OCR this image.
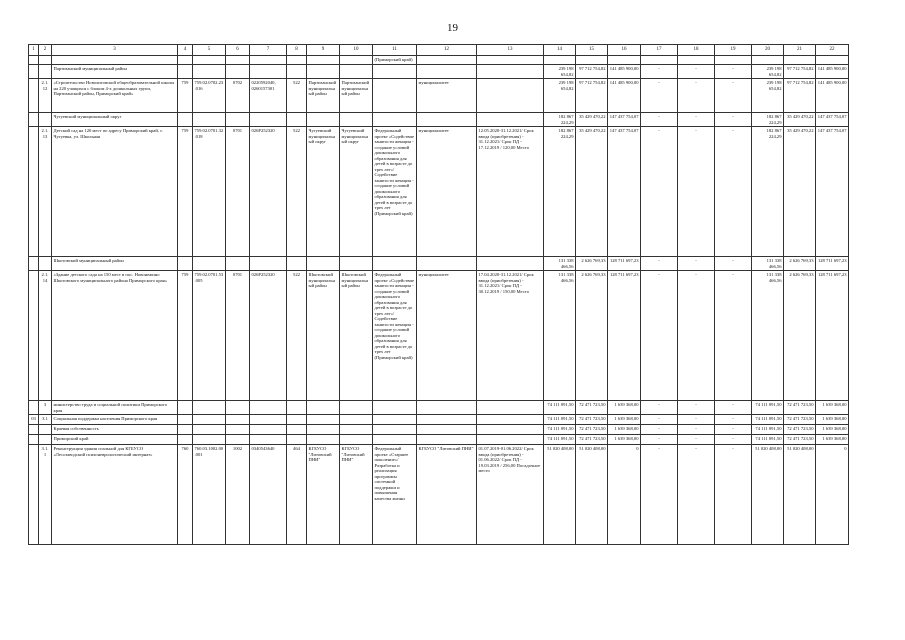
19
1	2	3	4	5	6	7	8	9	10	11	12	13	14	15	16	17	18	19	20	21	22
										(Приморский край)											
		Партизанский муниципальный район											239 198 654,82	97 712 754,82	141 485 900,00	-	-	-	239 198 654,82	97 712 754,82	141 485 900,00
	2.1.12	«Строительство Новолитовской общеобразовательной школы на 220 учащихся с блоком 4-х дошкольных групп, Партизанский район, Приморский край»	759	759.02.0702.23.016	0702	0220592040, 0260157301	522	Партизанский муниципальный район	Партизанский муниципальный район		муниципалитет		239 198 654,82	97 712 754,82	141 485 900,00	-	-	-	239 198 654,82	97 712 754,82	141 485 900,00
		Чугуевский муниципальный округ											182 867 224,29	35 429 470,22	147 437 754,07	-	-	-	182 867 224,29	35 429 470,22	147 437 754,07
	2.1.13	Детский сад на 120 мест по адресу Приморский край, с. Чугуевка, ул. Школьная	759	759.02.0701.32.018	0701	026P252320	522	Чугуевский муниципальный округ	Чугуевский муниципальный округ	Федеральный проект «Содействие занятости женщин - создание условий дошкольного образования для детей в возрасте до трех лет»/Содействие занятости женщин - создание условий дошкольного образования для детей в возрасте до трех лет (Приморский край)	муниципалитет	12.05.2020-31.12.2021/ Срок ввода (приобретения) - 31.12.2021/ Срок ПД - 17.12.2019 / 120,00 Место	182 867 224,29	35 429 470,22	147 437 754,07	-	-	-	182 867 224,29	35 429 470,22	147 437 754,07
		Шкотовский муниципальный район											131 338 466,56	2 626 769,33	128 711 697,23	-	-	-	131 338 466,56	2 626 769,33	128 711 697,23
	2.1.14	«Здание детского сада на 150 мест в пос. Новонежино Шкотовского муниципального района Приморского края»	759	759.02.0701.53.005	0701	026P252320	522	Шкотовский муниципальный район	Шкотовский муниципальный район	Федеральный проект «Содействие занятости женщин - создание условий дошкольного образования для детей в возрасте до трех лет»/Содействие занятости женщин - создание условий дошкольного образования для детей в возрасте до трех лет (Приморский край)	муниципалитет	17.04.2020-31.12.2021/ Срок ввода (приобретения) - 31.12.2021/ Срок ПД - 30.12.2019 / 150,00 Место	131 338 466,56	2 626 769,33	128 711 697,23	-	-	-	131 338 466,56	2 626 769,33	128 711 697,23
	3	министерство труда и социальной политики Приморского края											74 111 091,50	72 471 723,50	1 639 368,00	-	-	-	74 111 091,50	72 471 723,50	1 639 368,00
03	3.1	Социальная поддержка населения Приморского края											74 111 091,50	72 471 723,50	1 639 368,00	-	-	-	74 111 091,50	72 471 723,50	1 639 368,00
		Краевая собственность											74 111 091,50	72 471 723,50	1 639 368,00	-	-	-	74 111 091,50	72 471 723,50	1 639 368,00
		Приморский край											74 111 091,50	72 471 723,50	1 639 368,00	-	-	-	74 111 091,50	72 471 723,50	1 639 368,00
	3.1.1	Реконструкция здания спальной для КГБУСО «Лесозаводский психоневрологический интернат»	760	760.03.1002.00.001	1002	0340543640	464	КГБУСО "Литовский ПНИ"	КГБУСО "Литовский ПНИ"	Федеральный проект «Старшее поколение»/Разработка и реализация программы системной поддержки и повышения качества жизни	КГБУСО "Литовский ПНИ"	01.07.2019-01.06.2022/ Срок ввода (приобретения) - 01.06.2022/ Срок ПД - 19.03.2019 / 256,00 Посадочное место	51 020 408,00	51 020 408,00	0	-	-	-	51 020 408,00	51 020 408,00	0
